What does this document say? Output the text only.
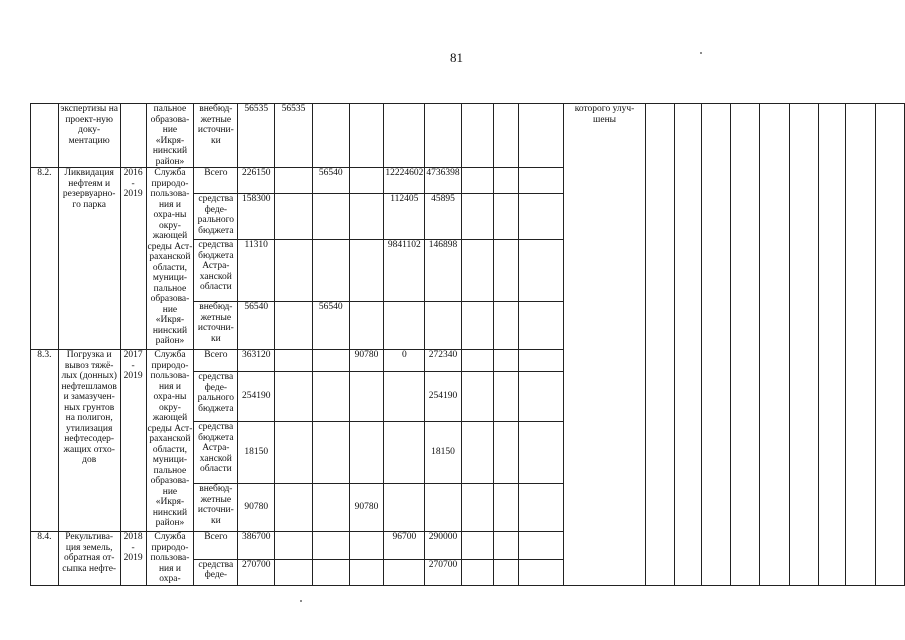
81
	экспертизы на проект-ную доку-ментацию		пальное образова-ние «Икря-нинский район»	внебюд-жетные источни-ки	56535	56535								которого улуч-шены									
8.2.	Ликвидация нефтеям и резервуарно-го парка	2016 - 2019	Служба природо-пользова-ния и охра-ны окру-жающей среды Аст-раханской области, муници-пальное образова-ние «Икря-нинский район»	Всего	226150		56540		12224602	4736398													
				средства феде-рального бюджета	158300				112405	45895													
				средства бюджета Астра-ханской области	11310				9841102	146898													
				внебюд-жетные источни-ки	56540		56540																
8.3.	Погрузка и вывоз тяжё-лых (донных) нефтешламов и замазучен-ных грунтов на полигон, утилизация нефтесодер-жащих отхо-дов	2017 - 2019	Служба природо-пользова-ния и охра-ны окру-жающей среды Аст-раханской области, муници-пальное образова-ние «Икря-нинский район»	Всего	363120			90780	0	272340													
				средства феде-рального бюджета	254190					254190													
				средства бюджета Астра-ханской области	18150					18150													
				внебюд-жетные источни-ки	90780			90780															
8.4.	Рекультива-ция земель, обратная от-сыпка нефте-	2018 - 2019	Служба природо-пользова-ния и охра-	Всего	386700				96700	290000													
				средства феде-	270700					270700													
